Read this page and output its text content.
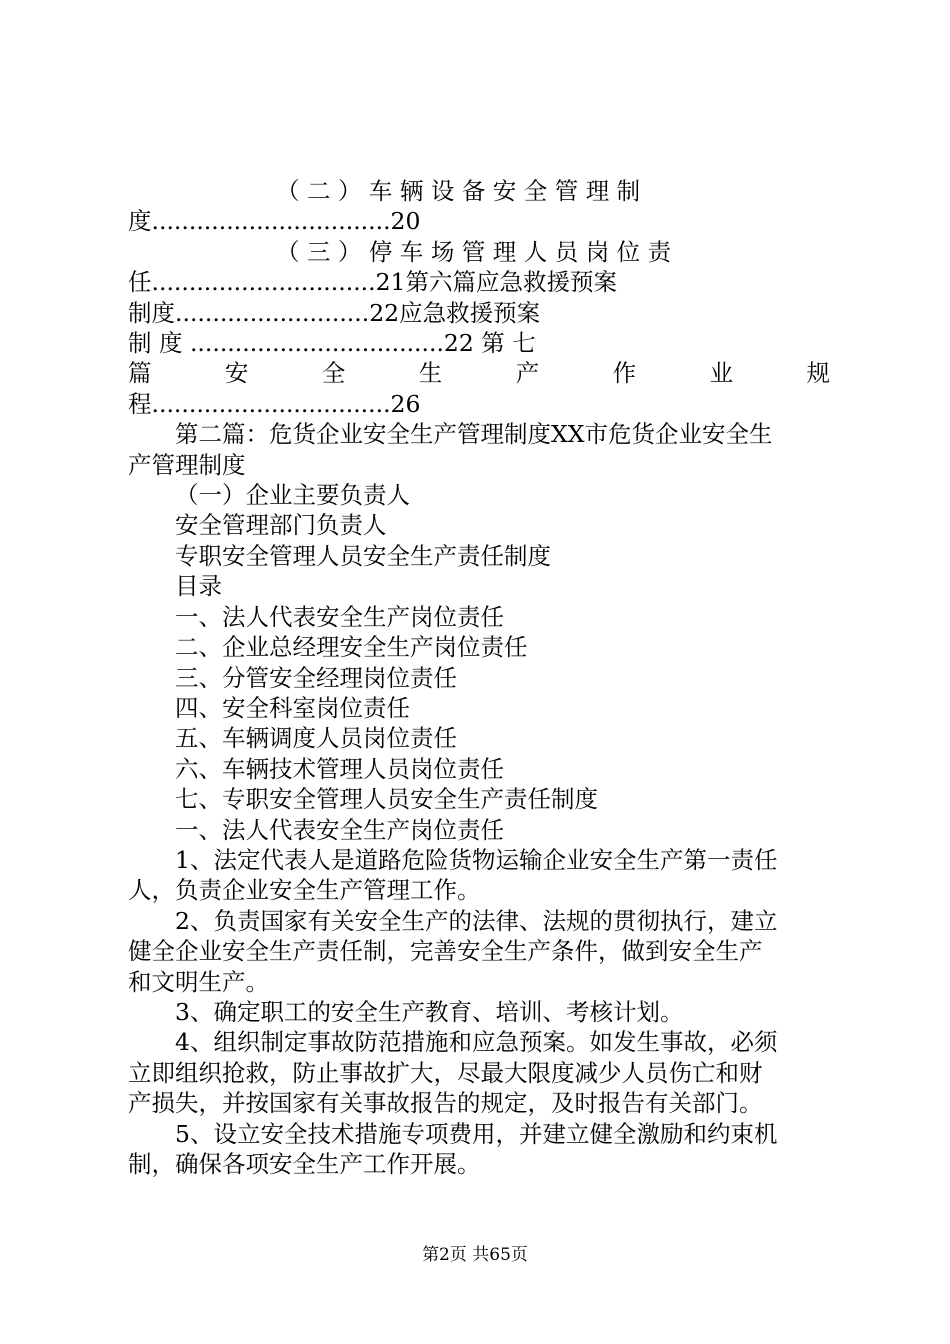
（ 二 ） 车 辆 设 备 安 全 管 理 制
度................................20
（ 三 ） 停 车 场 管 理 人 员 岗 位 责
任..............................21第六篇应急救援预案
制度..........................22应急救援预案
制 度 ..................................22 第 七
篇　安　全　生　产　作　业　规
程................................26
第二篇：危货企业安全生产管理制度XX市危货企业安全生
产管理制度
（一）企业主要负责人
安全管理部门负责人
专职安全管理人员安全生产责任制度
目录
一、法人代表安全生产岗位责任
二、企业总经理安全生产岗位责任
三、分管安全经理岗位责任
四、安全科室岗位责任
五、车辆调度人员岗位责任
六、车辆技术管理人员岗位责任
七、专职安全管理人员安全生产责任制度
一、法人代表安全生产岗位责任
1、法定代表人是道路危险货物运输企业安全生产第一责任
人，负责企业安全生产管理工作。
2、负责国家有关安全生产的法律、法规的贯彻执行，建立
健全企业安全生产责任制，完善安全生产条件，做到安全生产
和文明生产。
3、确定职工的安全生产教育、培训、考核计划。
4、组织制定事故防范措施和应急预案。如发生事故，必须
立即组织抢救，防止事故扩大，尽最大限度减少人员伤亡和财
产损失，并按国家有关事故报告的规定，及时报告有关部门。
5、设立安全技术措施专项费用，并建立健全激励和约束机
制，确保各项安全生产工作开展。
第2页 共65页
